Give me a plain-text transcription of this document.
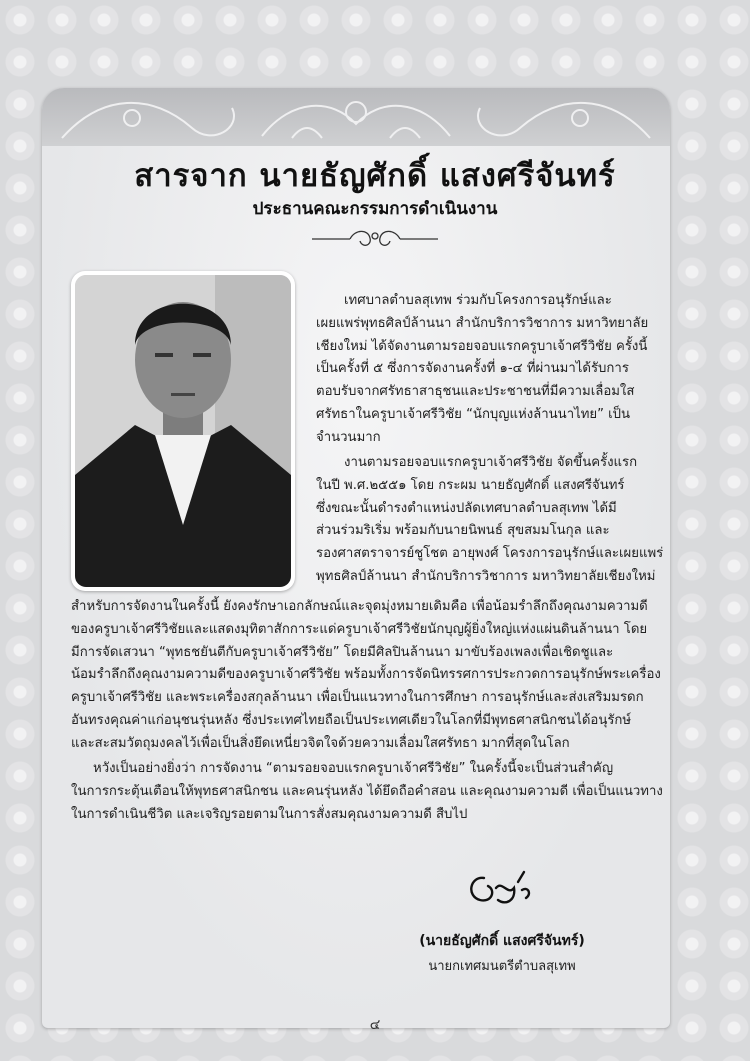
สารจาก นายธัญศักดิ์ แสงศรีจันทร์
ประธานคณะกรรมการดำเนินงาน
เทศบาลตำบลสุเทพ ร่วมกับโครงการอนุรักษ์และ
เผยแพร่พุทธศิลป์ล้านนา สำนักบริการวิชาการ มหาวิทยาลัย
เชียงใหม่ ได้จัดงานตามรอยจอบแรกครูบาเจ้าศรีวิชัย ครั้งนี้
เป็นครั้งที่ ๕ ซึ่งการจัดงานครั้งที่ ๑-๔ ที่ผ่านมาได้รับการ
ตอบรับจากศรัทธาสาธุชนและประชาชนที่มีความเลื่อมใส
ศรัทธาในครูบาเจ้าศรีวิชัย “นักบุญแห่งล้านนาไทย” เป็น
จำนวนมาก
งานตามรอยจอบแรกครูบาเจ้าศรีวิชัย จัดขึ้นครั้งแรก
ในปี พ.ศ.๒๕๕๑ โดย กระผม นายธัญศักดิ์ แสงศรีจันทร์
ซึ่งขณะนั้นดำรงตำแหน่งปลัดเทศบาลตำบลสุเทพ ได้มี
ส่วนร่วมริเริ่ม พร้อมกับนายนิพนธ์ สุขสมมโนกุล และ
รองศาสตราจารย์ชูโชต อายุพงศ์ โครงการอนุรักษ์และเผยแพร่
พุทธศิลป์ล้านนา สำนักบริการวิชาการ มหาวิทยาลัยเชียงใหม่
สำหรับการจัดงานในครั้งนี้ ยังคงรักษาเอกลักษณ์และจุดมุ่งหมายเดิมคือ เพื่อน้อมรำลึกถึงคุณงามความดี
ของครูบาเจ้าศรีวิชัยและแสดงมุทิตาสักการะแด่ครูบาเจ้าศรีวิชัยนักบุญผู้ยิ่งใหญ่แห่งแผ่นดินล้านนา โดย
มีการจัดเสวนา “พุทธชยันตีกับครูบาเจ้าศรีวิชัย” โดยมีศิลปินล้านนา มาขับร้องเพลงเพื่อเชิดชูและ
น้อมรำลึกถึงคุณงามความดีของครูบาเจ้าศรีวิชัย พร้อมทั้งการจัดนิทรรศการประกวดการอนุรักษ์พระเครื่อง
ครูบาเจ้าศรีวิชัย และพระเครื่องสกุลล้านนา เพื่อเป็นแนวทางในการศึกษา การอนุรักษ์และส่งเสริมมรดก
อันทรงคุณค่าแก่อนุชนรุ่นหลัง ซึ่งประเทศไทยถือเป็นประเทศเดียวในโลกที่มีพุทธศาสนิกชนได้อนุรักษ์
และสะสมวัตถุมงคลไว้เพื่อเป็นสิ่งยึดเหนี่ยวจิตใจด้วยความเลื่อมใสศรัทธา มากที่สุดในโลก
หวังเป็นอย่างยิ่งว่า การจัดงาน “ตามรอยจอบแรกครูบาเจ้าศรีวิชัย” ในครั้งนี้จะเป็นส่วนสำคัญ
ในการกระตุ้นเตือนให้พุทธศาสนิกชน และคนรุ่นหลัง ได้ยึดถือคำสอน และคุณงามความดี เพื่อเป็นแนวทาง
ในการดำเนินชีวิต และเจริญรอยตามในการสั่งสมคุณงามความดี สืบไป
(นายธัญศักดิ์ แสงศรีจันทร์)
นายกเทศมนตรีตำบลสุเทพ
๔
